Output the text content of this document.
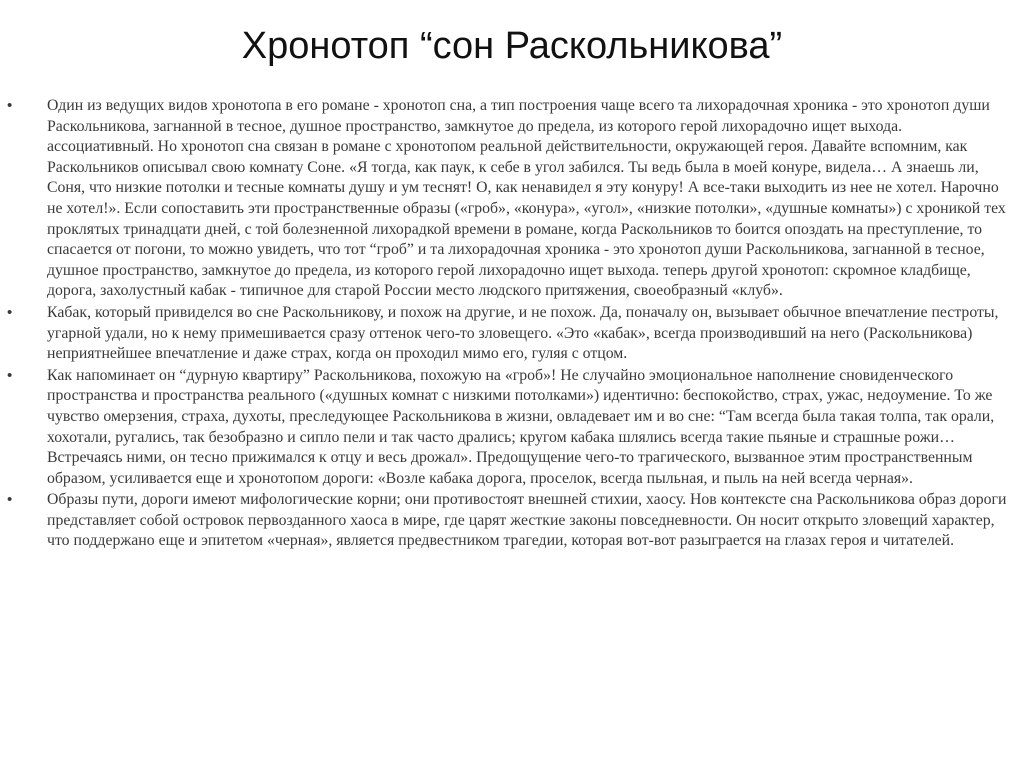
Хронотоп “сон Раскольникова”
•	Один из ведущих видов хронотопа в его романе - хронотоп сна, а тип построения чаще всего та лихорадочная хроника - это хронотоп души Раскольникова, загнанной в тесное, душное пространство, замкнутое до предела, из которого герой лихорадочно ищет выхода. ассоциативный. Но хронотоп сна связан в романе с хронотопом реальной действительности, окружающей героя. Давайте вспомним, как Раскольников описывал свою комнату Соне. «Я тогда, как паук, к себе в угол забился. Ты ведь была в моей конуре, видела… А знаешь ли, Соня, что низкие потолки и тесные комнаты душу и ум теснят! О, как ненавидел я эту конуру! А все-таки выходить из нее не хотел. Нарочно не хотел!». Если сопоставить эти пространственные образы («гроб», «конура», «угол», «низкие потолки», «душные комнаты») с хроникой тех проклятых тринадцати дней, с той болезненной лихорадкой времени в романе, когда Раскольников то боится опоздать на преступление, то спасается от погони, то можно увидеть, что тот “гроб” и та лихорадочная хроника - это хронотоп души Раскольникова, загнанной в тесное, душное пространство, замкнутое до предела, из которого герой лихорадочно ищет выхода. теперь другой хронотоп: скромное кладбище, дорога, захолустный кабак - типичное для старой России место людского притяжения, своеобразный «клуб».
•	Кабак, который привиделся во сне Раскольникову, и похож на другие, и не похож. Да, поначалу он, вызывает обычное впечатление пестроты, угарной удали, но к нему примешивается сразу оттенок чего-то зловещего. «Это «кабак», всегда производивший на него (Раскольникова) неприятнейшее впечатление и даже страх, когда он проходил мимо его, гуляя с отцом.
•	Как напоминает он “дурную квартиру” Раскольникова, похожую на «гроб»! Не случайно эмоциональное наполнение сновиденческого пространства и пространства реального («душных комнат с низкими потолками») идентично: беспокойство, страх, ужас, недоумение. То же чувство омерзения, страха, духоты, преследующее Раскольникова в жизни, овладевает им и во сне: “Там всегда была такая толпа, так орали, хохотали, ругались, так безобразно и сипло пели и так часто дрались; кругом кабака шлялись всегда такие пьяные и страшные рожи… Встречаясь ними, он тесно прижимался к отцу и весь дрожал». Предощущение чего-то трагического, вызванное этим пространственным образом, усиливается еще и хронотопом дороги: «Возле кабака дорога, проселок, всегда пыльная, и пыль на ней всегда черная».
•	Образы пути, дороги имеют мифологические корни; они противостоят внешней стихии, хаосу. Нов контексте сна Раскольникова образ дороги представляет собой островок первозданного хаоса в мире, где царят жесткие законы повседневности. Он носит открыто зловещий характер, что поддержано еще и эпитетом «черная», является предвестником трагедии, которая вот-вот разыграется на глазах героя и читателей.
